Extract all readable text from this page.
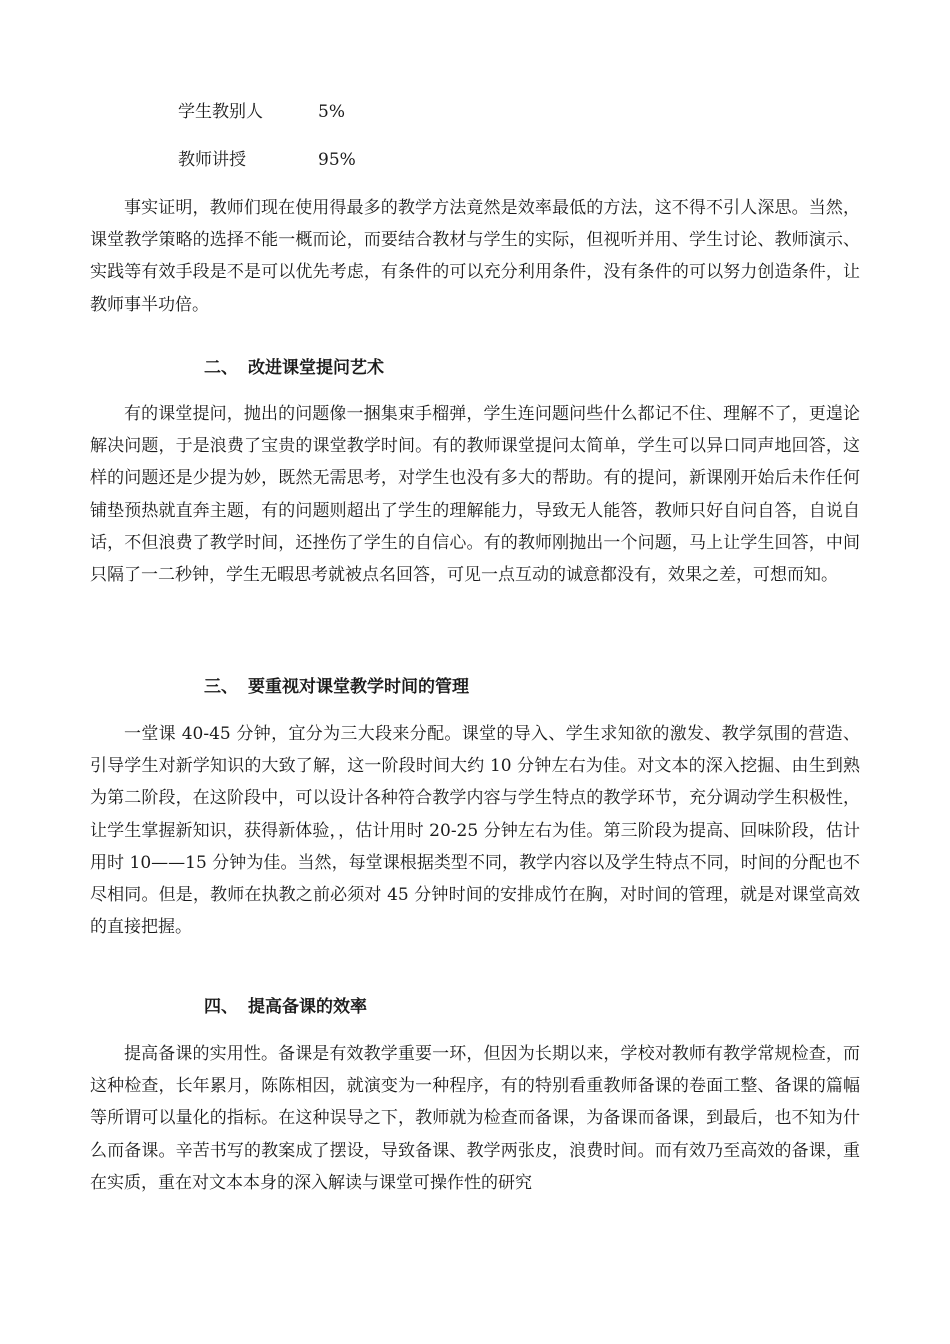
学生教别人	5%
教师讲授	95%

事实证明，教师们现在使用得最多的教学方法竟然是效率最低的方法，这不得不引人深思。当然，课堂教学策略的选择不能一概而论，而要结合教材与学生的实际，但视听并用、学生讨论、教师演示、实践等有效手段是不是可以优先考虑，有条件的可以充分利用条件，没有条件的可以努力创造条件，让教师事半功倍。

二、 改进课堂提问艺术

有的课堂提问，抛出的问题像一捆集束手榴弹，学生连问题问些什么都记不住、理解不了，更遑论解决问题，于是浪费了宝贵的课堂教学时间。有的教师课堂提问太简单，学生可以异口同声地回答，这样的问题还是少提为妙，既然无需思考，对学生也没有多大的帮助。有的提问，新课刚开始后未作任何铺垫预热就直奔主题，有的问题则超出了学生的理解能力，导致无人能答，教师只好自问自答，自说自话，不但浪费了教学时间，还挫伤了学生的自信心。有的教师刚抛出一个问题，马上让学生回答，中间只隔了一二秒钟，学生无暇思考就被点名回答，可见一点互动的诚意都没有，效果之差，可想而知。

三、 要重视对课堂教学时间的管理

一堂课 40-45 分钟，宜分为三大段来分配。课堂的导入、学生求知欲的激发、教学氛围的营造、引导学生对新学知识的大致了解，这一阶段时间大约 10 分钟左右为佳。对文本的深入挖掘、由生到熟为第二阶段，在这阶段中，可以设计各种符合教学内容与学生特点的教学环节，充分调动学生积极性，让学生掌握新知识，获得新体验，，估计用时 20-25 分钟左右为佳。第三阶段为提高、回味阶段，估计用时 10——15 分钟为佳。当然，每堂课根据类型不同，教学内容以及学生特点不同，时间的分配也不尽相同。但是，教师在执教之前必须对 45 分钟时间的安排成竹在胸，对时间的管理，就是对课堂高效的直接把握。

四、 提高备课的效率

提高备课的实用性。备课是有效教学重要一环，但因为长期以来，学校对教师有教学常规检查，而这种检查，长年累月，陈陈相因，就演变为一种程序，有的特别看重教师备课的卷面工整、备课的篇幅等所谓可以量化的指标。在这种误导之下，教师就为检查而备课，为备课而备课，到最后，也不知为什么而备课。辛苦书写的教案成了摆设，导致备课、教学两张皮，浪费时间。而有效乃至高效的备课，重在实质，重在对文本本身的深入解读与课堂可操作性的研究
